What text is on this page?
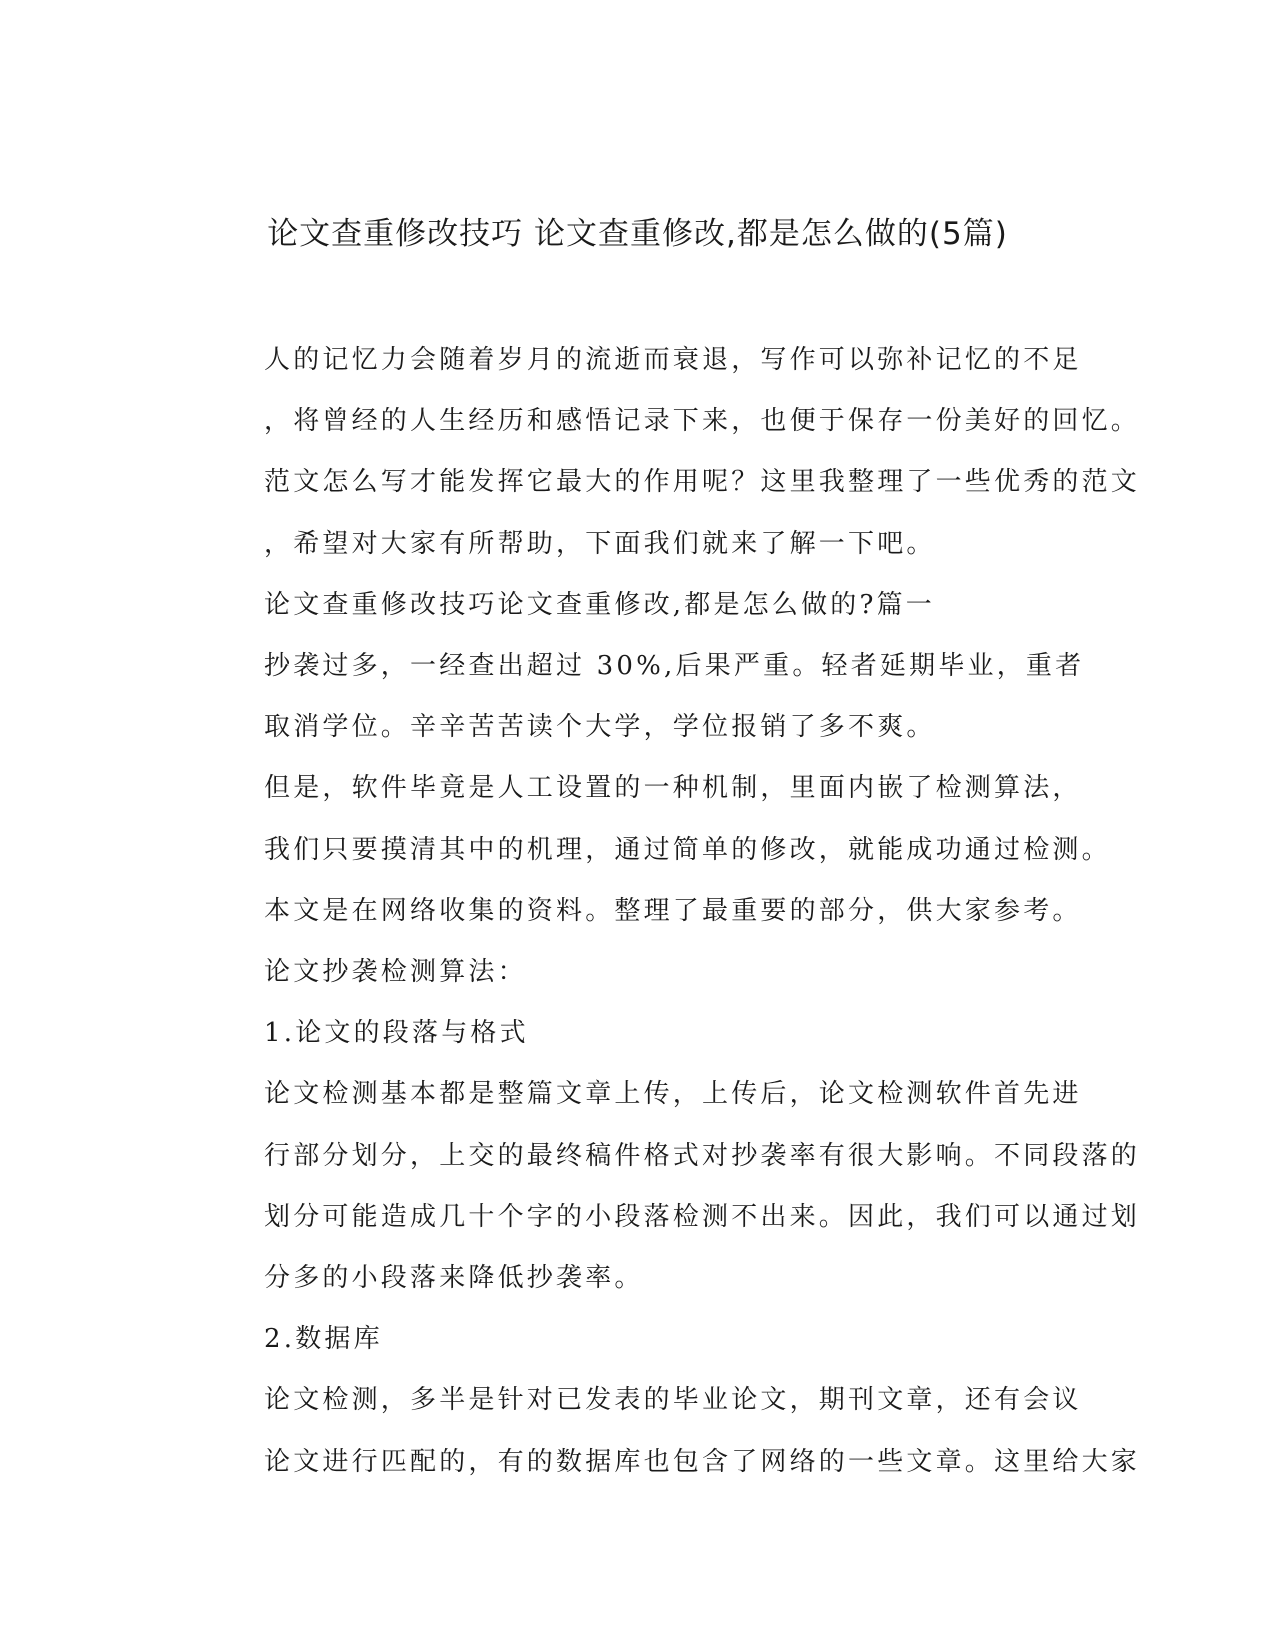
论文查重修改技巧 论文查重修改,都是怎么做的(5篇)

人的记忆力会随着岁月的流逝而衰退，写作可以弥补记忆的不足
，将曾经的人生经历和感悟记录下来，也便于保存一份美好的回忆。
范文怎么写才能发挥它最大的作用呢？这里我整理了一些优秀的范文
，希望对大家有所帮助，下面我们就来了解一下吧。

论文查重修改技巧论文查重修改,都是怎么做的?篇一

抄袭过多，一经查出超过 30%,后果严重。轻者延期毕业，重者
取消学位。辛辛苦苦读个大学，学位报销了多不爽。

但是，软件毕竟是人工设置的一种机制，里面内嵌了检测算法，
我们只要摸清其中的机理，通过简单的修改，就能成功通过检测。

本文是在网络收集的资料。整理了最重要的部分，供大家参考。

论文抄袭检测算法：

1.论文的段落与格式

论文检测基本都是整篇文章上传，上传后，论文检测软件首先进
行部分划分，上交的最终稿件格式对抄袭率有很大影响。不同段落的
划分可能造成几十个字的小段落检测不出来。因此，我们可以通过划
分多的小段落来降低抄袭率。

2.数据库

论文检测，多半是针对已发表的毕业论文，期刊文章，还有会议
论文进行匹配的，有的数据库也包含了网络的一些文章。这里给大家
